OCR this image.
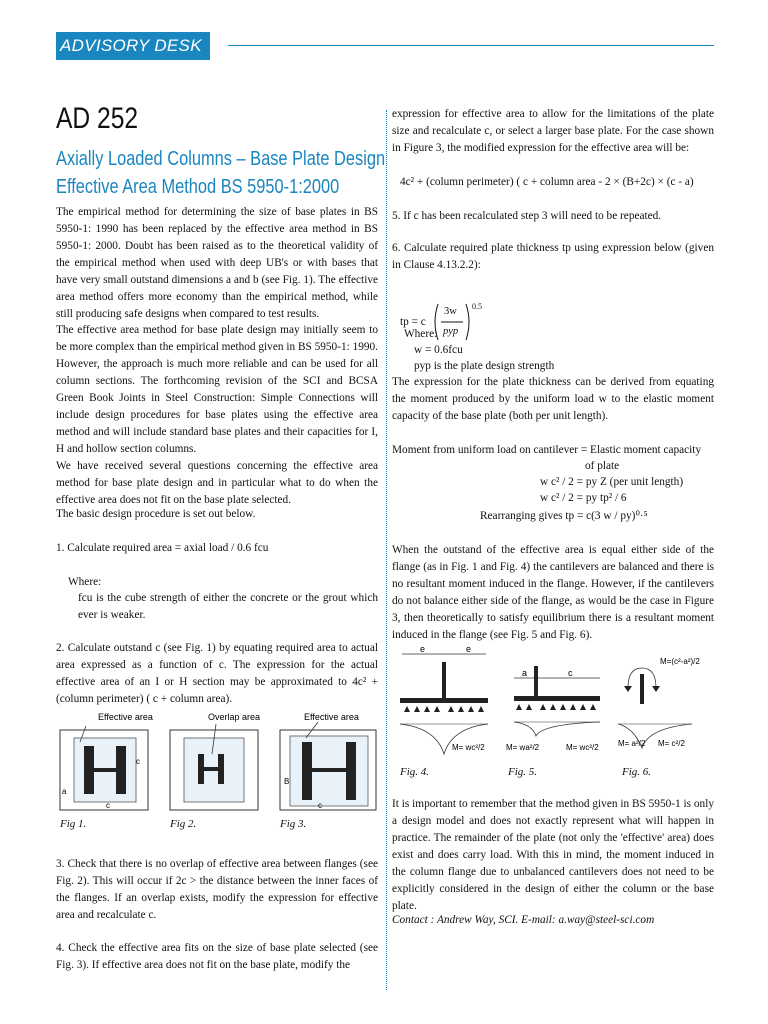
ADVISORY DESK
AD 252
Axially Loaded Columns – Base Plate Design
Effective Area Method BS 5950-1:2000
The empirical method for determining the size of base plates in BS 5950-1: 1990 has been replaced by the effective area method in BS 5950-1: 2000. Doubt has been raised as to the theoretical validity of the empirical method when used with deep UB's or with bases that have very small outstand dimensions a and b (see Fig. 1). The effective area method offers more economy than the empirical method, while still producing safe designs when compared to test results.
The effective area method for base plate design may initially seem to be more complex than the empirical method given in BS 5950-1: 1990. However, the approach is much more reliable and can be used for all column sections. The forthcoming revision of the SCI and BCSA Green Book Joints in Steel Construction: Simple Connections will include design procedures for base plates using the effective area method and will include standard base plates and their capacities for I, H and hollow section columns.
We have received several questions concerning the effective area method for base plate design and in particular what to do when the effective area does not fit on the base plate selected.
The basic design procedure is set out below.
1. Calculate required area = axial load / 0.6 fcu
Where:
fcu is the cube strength of either the concrete or the grout which ever is weaker.
2. Calculate outstand c (see Fig. 1) by equating required area to actual area expressed as a function of c. The expression for the actual effective area of an I or H section may be approximated to 4c² + (column perimeter) ( c + column area).
a
c
c
Effective area	Overlap area
B
c
Effective area
Fig 1.	Fig 2.	Fig 3.
3. Check that there is no overlap of effective area between flanges (see Fig. 2). This will occur if 2c > the distance between the inner faces of the flanges. If an overlap exists, modify the expression for effective area and recalculate c.
4. Check the effective area fits on the size of base plate selected (see Fig. 3). If effective area does not fit on the base plate, modify the
expression for effective area to allow for the limitations of the plate size and recalculate c, or select a larger base plate. For the case shown in Figure 3, the modified expression for the effective area will be:
4c² + (column perimeter) ( c + column area - 2 × (B+2c) × (c - a)
5. If c has been recalculated step 3 will need to be repeated.
6. Calculate required plate thickness tp using expression below (given in Clause 4.13.2.2):
tp = c
3w
pyp
0.5
Where:
w = 0.6fcu
pyp is the plate design strength
The expression for the plate thickness can be derived from equating the moment produced by the uniform load w to the elastic moment capacity of the base plate (both per unit length).
Moment from uniform load on cantilever = Elastic moment capacity
of plate
w c² / 2 = py Z (per unit length)
w c² / 2 = py tp² / 6
Rearranging gives tp = c(3 w / py)⁰·⁵
When the outstand of the effective area is equal either side of the flange (as in Fig. 1 and Fig. 4) the cantilevers are balanced and there is no resultant moment induced in the flange. However, if the cantilevers do not balance either side of the flange, as would be the case in Figure 3, then theoretically to satisfy equilibrium there is a resultant moment induced in the flange (see Fig. 5 and Fig. 6).
e	e
M= wc²/2
a	c
M= wa²/2	M= wc²/2
M=(c²-a²)/2
M= a²/2 M= c²/2
Fig. 4.	Fig. 5.	Fig. 6.
It is important to remember that the method given in BS 5950-1 is only a design model and does not exactly represent what will happen in practice. The remainder of the plate (not only the 'effective' area) does exist and does carry load. With this in mind, the moment induced in the column flange due to unbalanced cantilevers does not need to be explicitly considered in the design of either the column or the base plate.
Contact : Andrew Way, SCI. E-mail: a.way@steel-sci.com
